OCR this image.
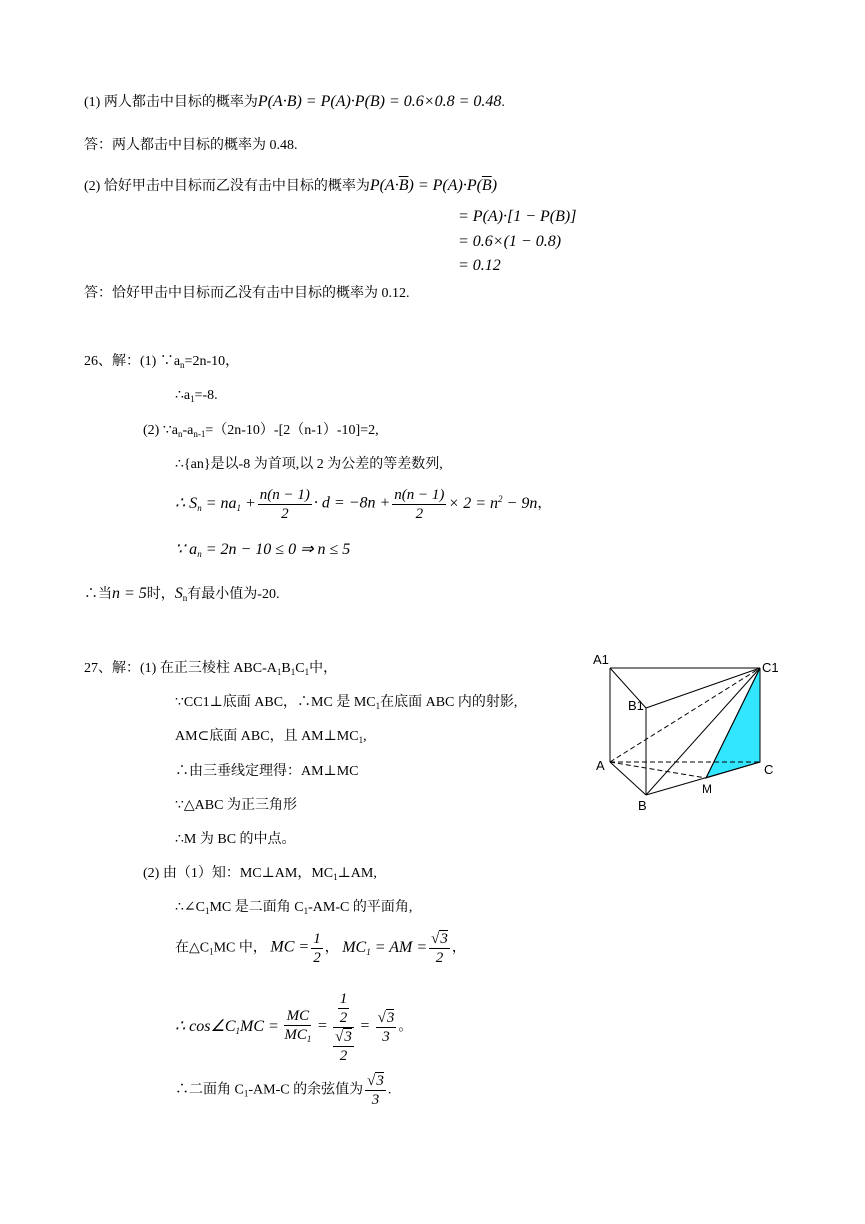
(1) 两人都击中目标的概率为P(A·B) = P(A)·P(B) = 0.6×0.8 = 0.48.
答：两人都击中目标的概率为 0.48.
(2) 恰好甲击中目标而乙没有击中目标的概率为$P(A\cdot\overline{B}) = P(A)\cdot P(\overline{B})$
= P(A)·[1 − P(B)]
= 0.6×(1 − 0.8)
= 0.12
答：恰好甲击中目标而乙没有击中目标的概率为 0.12.
26、解：(1) $\because a_n=2n-10$，
$\therefore a_1=-8$.
(2) $\because a_n-a_{n-1}=(2n-10)-[2(n-1)-10]=2$,
∴{an}是以-8 为首项,以 2 为公差的等差数列,
∴ $S_n = na_1 + \frac{n(n - 1)}{2} \cdot d = -8n + \frac{n(n - 1)}{2} \times 2 = n^2 - 9n$，
∵ $a_n = 2n - 10 \le 0$ ⇒ n ≤ 5
∴当n = 5时，$S_n$有最小值为-20.
27、解：(1) 在正三棱柱 ABC-$A_1B_1C_1$中，
∵CC1⊥底面 ABC，∴MC 是 $MC_1$在底面 ABC 内的射影,
AM⊂底面 ABC，且 $AM\perp MC_1$,
∴由三垂线定理得：AM⊥MC
∵△ABC 为正三角形
∴M 为 BC 的中点。
(2) 由（1）知：MC⊥AM，$MC_1\perp AM$,
$\therefore\angle C_1MC$ 是二面角 $C_1-AM-C$ 的平面角,
在$\triangle C_1MC$ 中， MC = $\frac{1}{2}$ ， $MC_1$ = AM = $\frac{√3}{2}$ ，
∴ $\cos\angle C_1MC = \frac{MC}{MC_1} = \frac{\frac{1}{2}}{\frac{√3}{2}} = \frac{√3}{3}$ 。
∴二面角 $C_1-AM-C$ 的余弦值为 $\frac{√3}{3}$ .
A1
C1
B1
A	C
B
M
